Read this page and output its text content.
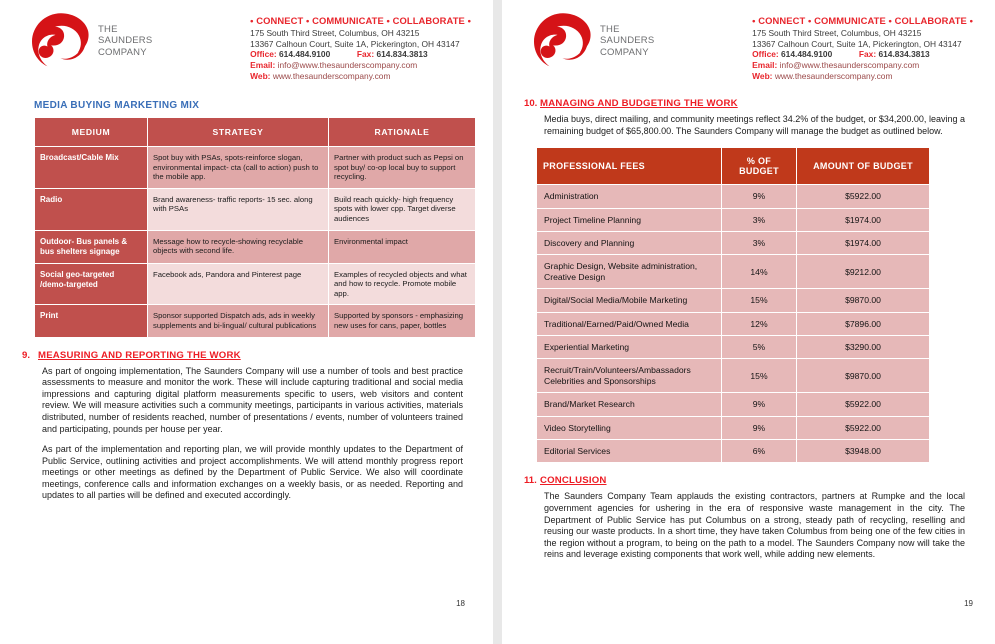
THE
SAUNDERS
COMPANY
• CONNECT • COMMUNICATE • COLLABORATE •
175 South Third Street, Columbus, OH 43215
13367 Calhoun Court, Suite 1A, Pickerington, OH 43147
Office: 614.484.9100	Fax: 614.834.3813
Email: info@www.thesaunderscompany.com
Web: www.thesaunderscompany.com
MEDIA BUYING MARKETING MIX
MEDIUM	STRATEGY	RATIONALE
Broadcast/Cable Mix	Spot buy with PSAs, spots-reinforce slogan, environmental impact- cta (call to action) push to the mobile app.	Partner with product such as Pepsi on spot buy/ co-op local buy to support recycling.
Radio	Brand awareness- traffic reports- 15 sec. along with PSAs	Build reach quickly- high frequency spots with lower cpp. Target diverse audiences
Outdoor- Bus panels & bus shelters signage	Message how to recycle-showing recyclable objects with second life.	Environmental impact
Social geo-targeted /demo-targeted	Facebook ads, Pandora and Pinterest page	Examples of recycled objects and what and how to recycle. Promote mobile app.
Print	Sponsor supported Dispatch ads, ads in weekly supplements and bi-lingual/ cultural publications	Supported by sponsors - emphasizing new uses for cans, paper, bottles
9. MEASURING AND REPORTING THE WORK

As part of ongoing implementation, The Saunders Company will use a number of tools and best practice assessments to measure and monitor the work. These will include capturing traditional and social media impressions and capturing digital platform measurements specific to users, web visitors and content review. We will measure activities such a community meetings, participants in various activities, materials distributed, number of residents reached, number of presentations / events, number of volunteers trained and participating, pounds per house per year.

As part of the implementation and reporting plan, we will provide monthly updates to the Department of Public Service, outlining activities and project accomplishments. We will attend monthly progress report meetings or other meetings as defined by the Department of Public Service. We also will coordinate meetings, conference calls and information exchanges on a weekly basis, or as needed. Reporting and updates to all parties will be defined and executed accordingly.

18
THE
SAUNDERS
COMPANY
• CONNECT • COMMUNICATE • COLLABORATE •
175 South Third Street, Columbus, OH 43215
13367 Calhoun Court, Suite 1A, Pickerington, OH 43147
Office: 614.484.9100	Fax: 614.834.3813
Email: info@www.thesaunderscompany.com
Web: www.thesaunderscompany.com
10. MANAGING AND BUDGETING THE WORK

Media buys, direct mailing, and community meetings reflect 34.2% of the budget, or $34,200.00, leaving a remaining budget of $65,800.00. The Saunders Company will manage the budget as outlined below.

PROFESSIONAL FEES	% OF BUDGET	AMOUNT OF BUDGET
Administration	9%	$5922.00
Project Timeline Planning	3%	$1974.00
Discovery and Planning	3%	$1974.00
Graphic Design, Website administration, Creative Design	14%	$9212.00
Digital/Social Media/Mobile Marketing	15%	$9870.00
Traditional/Earned/Paid/Owned Media	12%	$7896.00
Experiential Marketing	5%	$3290.00
Recruit/Train/Volunteers/Ambassadors Celebrities and Sponsorships	15%	$9870.00
Brand/Market Research	9%	$5922.00
Video Storytelling	9%	$5922.00
Editorial Services	6%	$3948.00
11. CONCLUSION

The Saunders Company Team applauds the existing contractors, partners at Rumpke and the local government agencies for ushering in the era of responsive waste management in the city. The Department of Public Service has put Columbus on a strong, steady path of recycling, reselling and reusing our waste products. In a short time, they have taken Columbus from being one of the few cities in the region without a program, to being on the path to a model. The Saunders Company now will take the reins and leverage existing components that work well, while adding new elements.

19
